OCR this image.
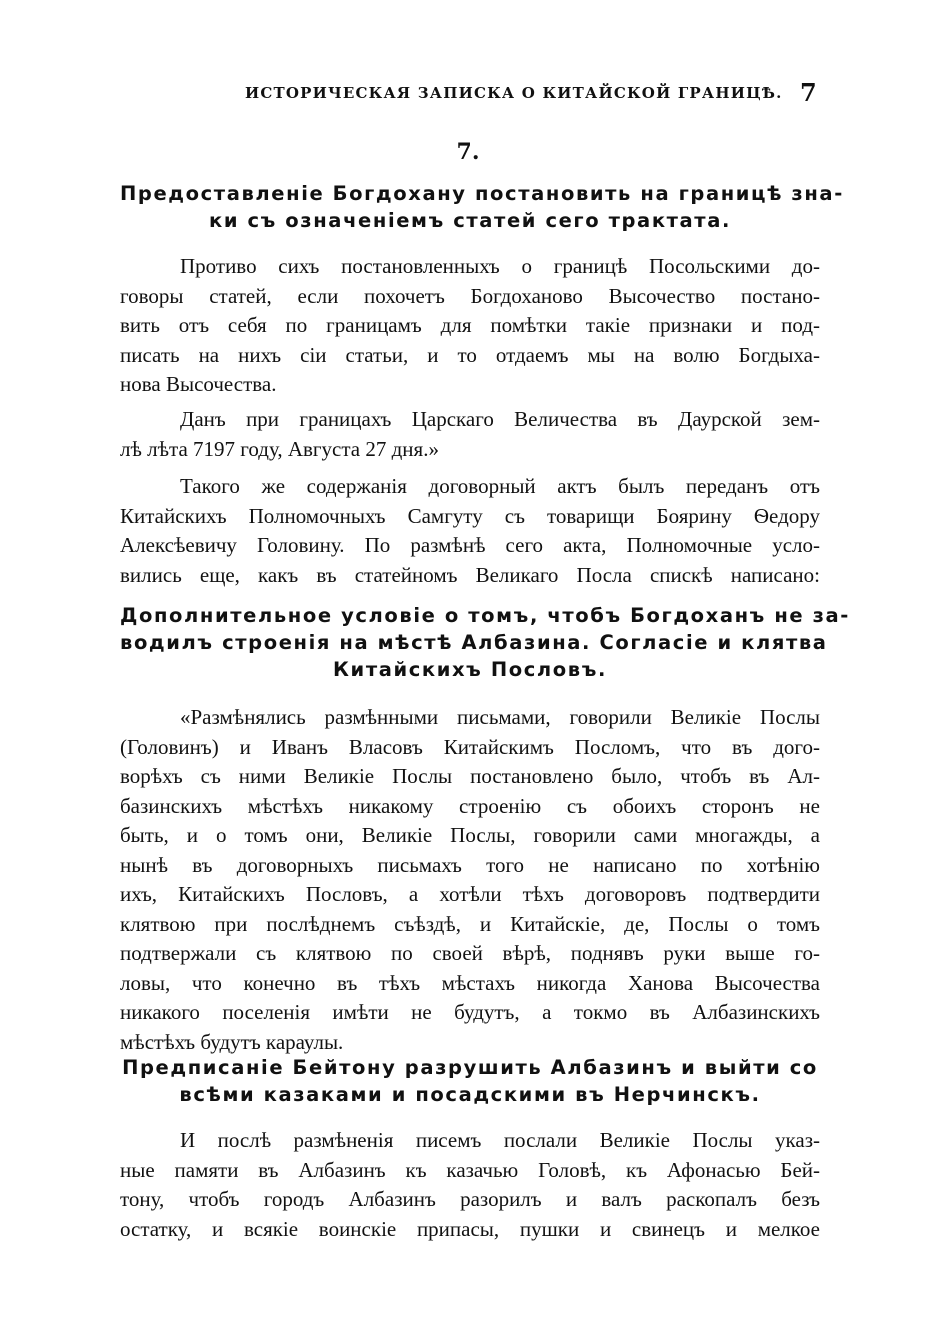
ИСТОРИЧЕСКАЯ ЗАПИСКА О КИТАЙСКОЙ ГРАНИЦѢ. 7
7.
Предоставленіе Богдохану постановить на границѣ зна-
ки съ означеніемъ статей сего трактата.
Противо сихъ постановленныхъ о границѣ Посольскими до-
говоры статей, если похочетъ Богдоханово Высочество постано-
вить отъ себя по границамъ для помѣтки такіе признаки и под-
писать на нихъ сіи статьи, и то отдаемъ мы на волю Богдыха-
нова Высочества.
Данъ при границахъ Царскаго Величества въ Даурской зем-
лѣ лѣта 7197 году, Августа 27 дня.»
Такого же содержанія договорный актъ былъ переданъ отъ
Китайскихъ Полномочныхъ Самгуту съ товарищи Боярину Ѳедору
Алексѣевичу Головину. По размѣнѣ сего акта, Полномочные усло-
вились еще, какъ въ статейномъ Великаго Посла спискѣ написано:
Дополнительное условіе о томъ, чтобъ Богдоханъ не за-
водилъ строенія на мѣстѣ Албазина. Согласіе и клятва
Китайскихъ Пословъ.
«Размѣнялись размѣнными письмами, говорили Великіе Послы
(Головинъ) и Иванъ Власовъ Китайскимъ Посломъ, что въ дого-
ворѣхъ съ ними Великіе Послы постановлено было, чтобъ въ Ал-
базинскихъ мѣстѣхъ никакому строенію съ обоихъ сторонъ не
быть, и о томъ они, Великіе Послы, говорили сами многажды, а
нынѣ въ договорныхъ письмахъ того не написано по хотѣнію
ихъ, Китайскихъ Пословъ, а хотѣли тѣхъ договоровъ подтвердити
клятвою при послѣднемъ съѣздѣ, и Китайскіе, де, Послы о томъ
подтвержали съ клятвою по своей вѣрѣ, поднявъ руки выше го-
ловы, что конечно въ тѣхъ мѣстахъ никогда Ханова Высочества
никакого поселенія имѣти не будутъ, а токмо въ Албазинскихъ
мѣстѣхъ будутъ караулы.
Предписаніе Бейтону разрушить Албазинъ и выйти со
всѣми казаками и посадскими въ Нерчинскъ.
И послѣ размѣненія писемъ послали Великіе Послы указ-
ные памяти въ Албазинъ къ казачью Головѣ, къ Афонасью Бей-
тону, чтобъ городъ Албазинъ разорилъ и валъ раскопалъ безъ
остатку, и всякіе воинскіе припасы, пушки и свинецъ и мелкое
